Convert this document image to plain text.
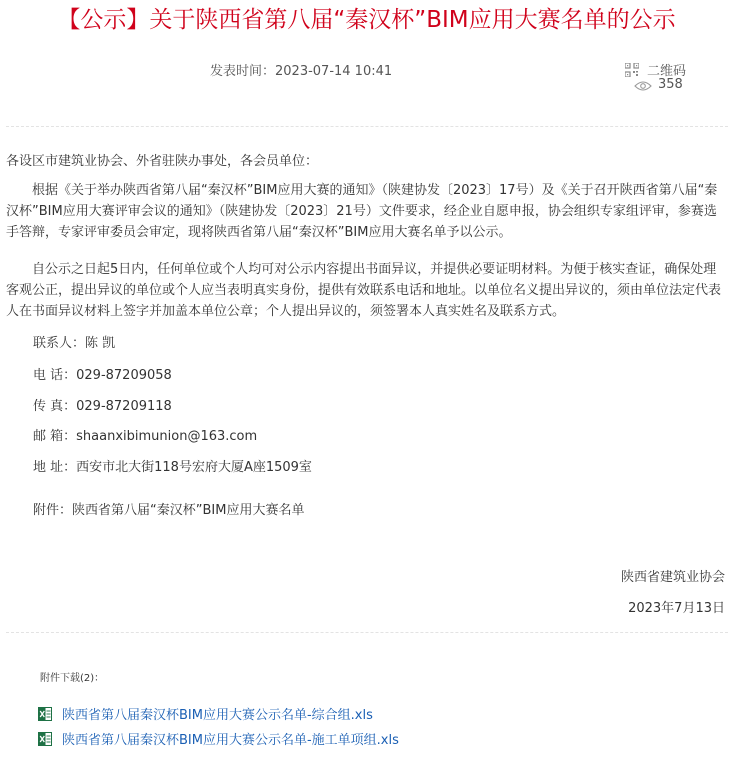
【公示】关于陕西省第八届“秦汉杯”BIM应用大赛名单的公示
发表时间：2023-07-14 10:41	二维码
358
各设区市建筑业协会、外省驻陕办事处，各会员单位：

根据《关于举办陕西省第八届“秦汉杯”BIM应用大赛的通知》（陕建协发〔2023〕17号）及《关于召开陕西省第八届“秦汉杯”BIM应用大赛评审会议的通知》（陕建协发〔2023〕21号）文件要求，经企业自愿申报，协会组织专家组评审，参赛选手答辩，专家评审委员会审定，现将陕西省第八届“秦汉杯”BIM应用大赛名单予以公示。

自公示之日起5日内，任何单位或个人均可对公示内容提出书面异议，并提供必要证明材料。为便于核实查证，确保处理客观公正，提出异议的单位或个人应当表明真实身份，提供有效联系电话和地址。以单位名义提出异议的，须由单位法定代表人在书面异议材料上签字并加盖本单位公章；个人提出异议的，须签署本人真实姓名及联系方式。

联系人：陈 凯
电 话：029-87209058
传 真：029-87209118
邮 箱：shaanxibimunion@163.com
地 址：西安市北大街118号宏府大厦A座1509室
附件：陕西省第八届“秦汉杯”BIM应用大赛名单
陕西省建筑业协会
2023年7月13日
附件下载(2)：
陕西省第八届秦汉杯BIM应用大赛公示名单-综合组.xls
陕西省第八届秦汉杯BIM应用大赛公示名单-施工单项组.xls
